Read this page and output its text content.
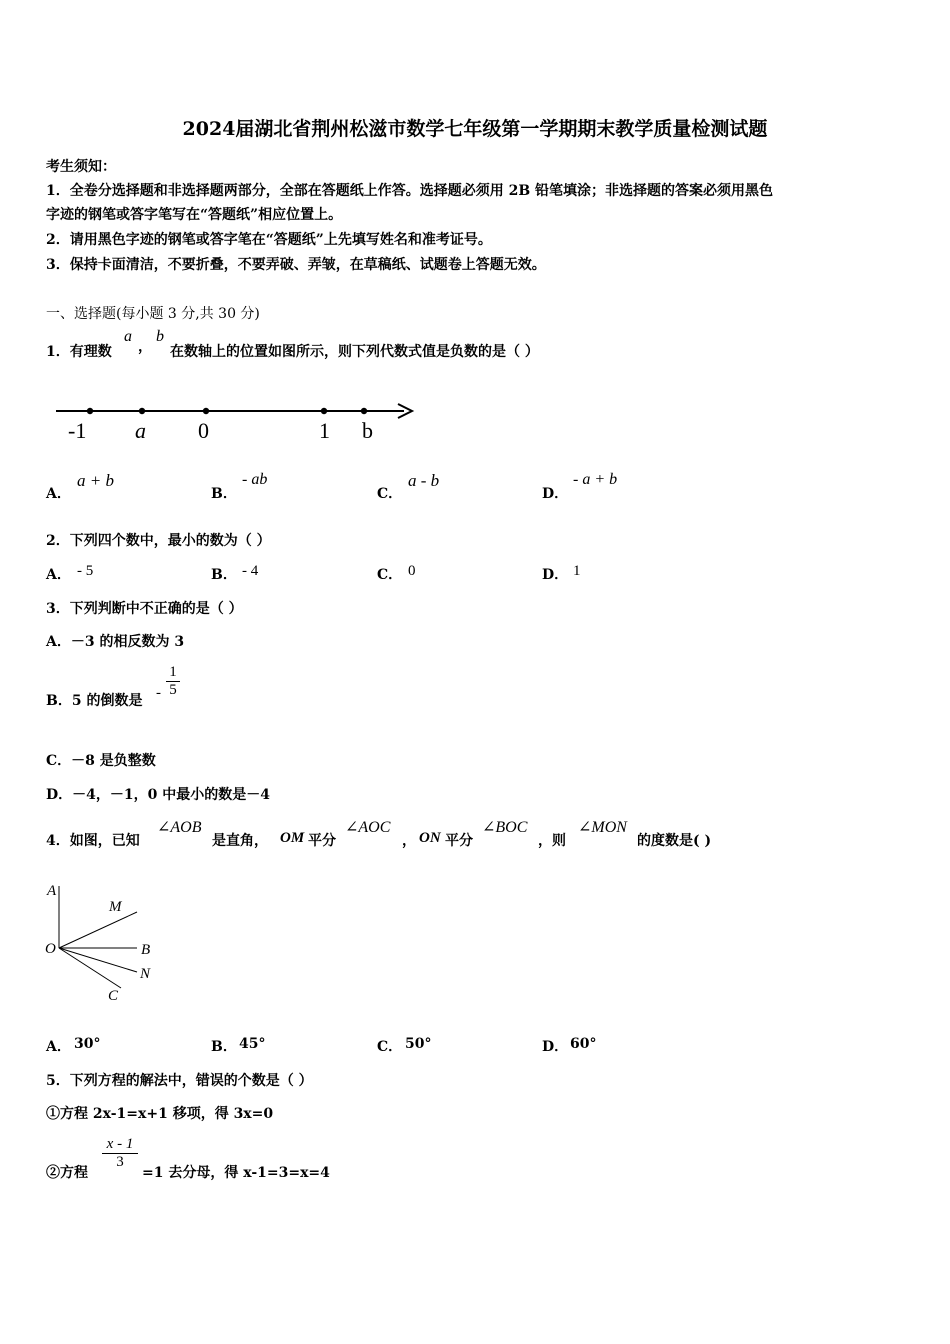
2024届湖北省荆州松滋市数学七年级第一学期期末教学质量检测试题
考生须知：
1．全卷分选择题和非选择题两部分，全部在答题纸上作答。选择题必须用 2B 铅笔填涂；非选择题的答案必须用黑色
字迹的钢笔或答字笔写在“答题纸”相应位置上。
2．请用黑色字迹的钢笔或答字笔在“答题纸”上先填写姓名和准考证号。
3．保持卡面清洁，不要折叠，不要弄破、弄皱，在草稿纸、试题卷上答题无效。
一、选择题(每小题 3 分,共 30 分)
1．有理数
a
，
b
在数轴上的位置如图所示，则下列代数式值是负数的是（ ）
-1 a 0	1 b
A．
a + b
B．
- ab
C．
a - b
D．
- a + b
2．下列四个数中，最小的数为（ ）
A． - 5	B． - 4	C． 0	D． 1
3．下列判断中不正确的是（ ）
A．－3 的相反数为 3
B．5 的倒数是 - $\frac{1}{5}$
C．－8 是负整数
D．－4，－1，0 中最小的数是－4
4．如图，已知
∠AOB
是直角， OM 平分
∠AOC
， ON 平分
∠BOC
，则
∠MON
的度数是( )
A
M
O	B
N
C
A． 30°	B． 45°	C． 50°	D． 60°
5．下列方程的解法中，错误的个数是（ ）
①方程 2x-1=x+1 移项，得 3x=0
②方程
$\frac{x - 1}{3}$
=1 去分母，得 x-1=3=x=4
